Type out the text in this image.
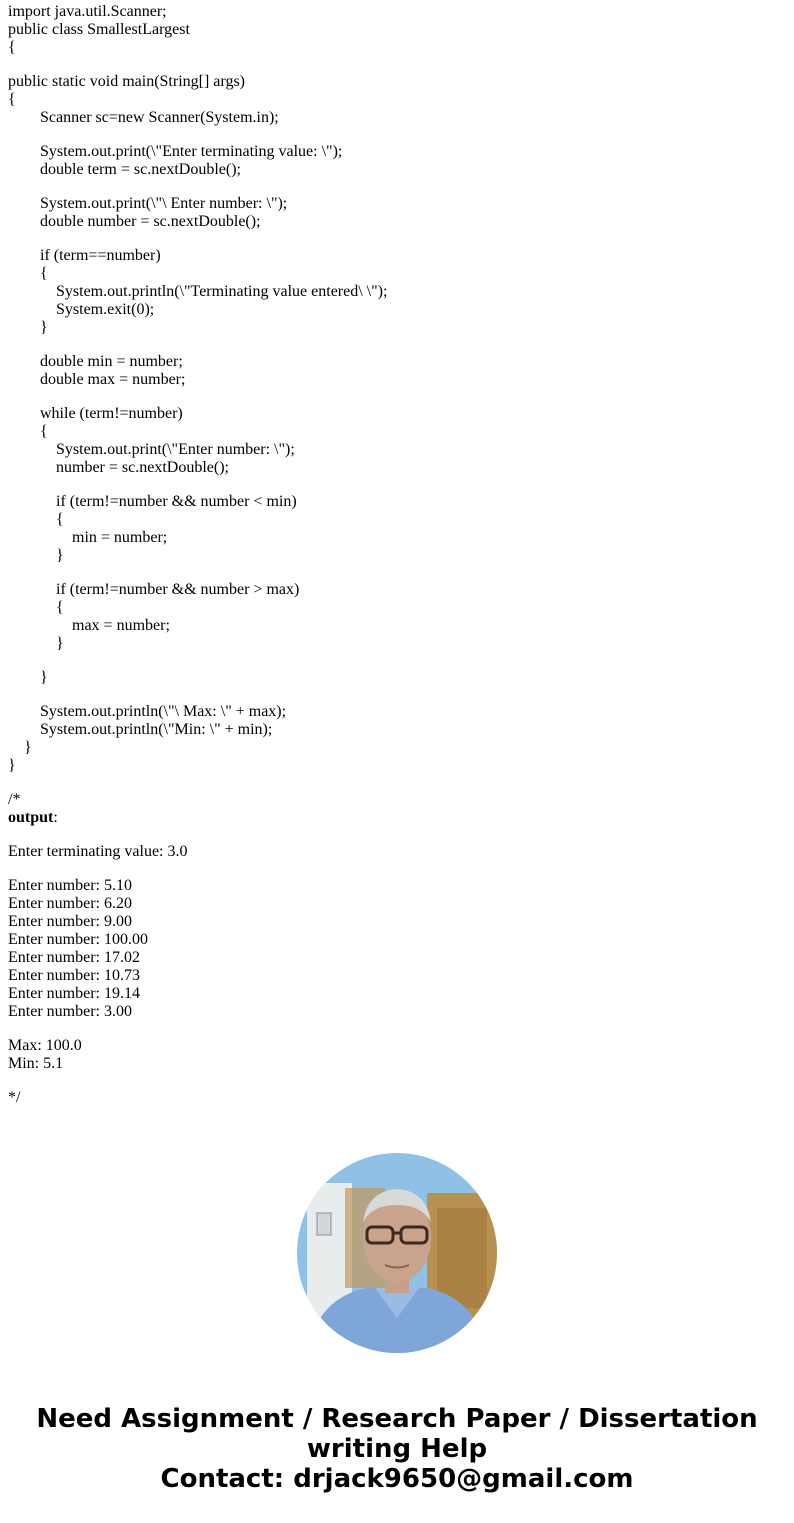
import java.util.Scanner;
public class SmallestLargest
{
public static void main(String[] args)
{
Scanner sc=new Scanner(System.in);
System.out.print(\"Enter terminating value: \");
double term = sc.nextDouble();
System.out.print(\"\ Enter number: \");
double number = sc.nextDouble();
if (term==number)
{
System.out.println(\"Terminating value entered\ \");
System.exit(0);
}
double min = number;
double max = number;
while (term!=number)
{
System.out.print(\"Enter number: \");
number = sc.nextDouble();
if (term!=number && number < min)
{
min = number;
}
if (term!=number && number > max)
{
max = number;
}
}
System.out.println(\"\ Max: \" + max);
System.out.println(\"Min: \" + min);
}
}
/*
output:
Enter terminating value: 3.0
Enter number: 5.10
Enter number: 6.20
Enter number: 9.00
Enter number: 100.00
Enter number: 17.02
Enter number: 10.73
Enter number: 19.14
Enter number: 3.00
Max: 100.0
Min: 5.1
*/
Need Assignment / Research Paper / Dissertation
writing Help
Contact: drjack9650@gmail.com
